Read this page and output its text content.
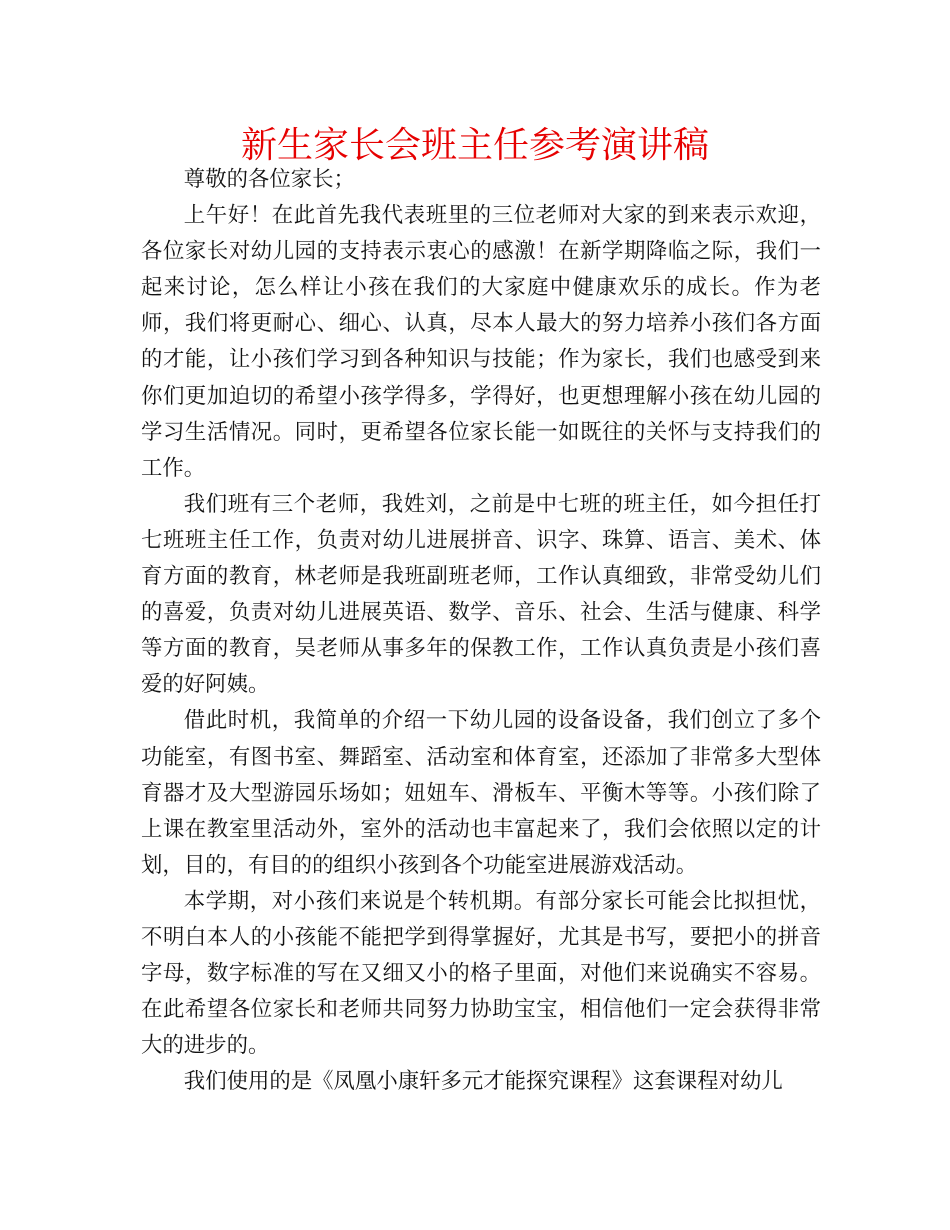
新生家长会班主任参考演讲稿

尊敬的各位家长；

上午好！在此首先我代表班里的三位老师对大家的到来表示欢迎，各位家长对幼儿园的支持表示衷心的感激！在新学期降临之际，我们一起来讨论，怎么样让小孩在我们的大家庭中健康欢乐的成长。作为老师，我们将更耐心、细心、认真，尽本人最大的努力培养小孩们各方面的才能，让小孩们学习到各种知识与技能；作为家长，我们也感受到来你们更加迫切的希望小孩学得多，学得好，也更想理解小孩在幼儿园的学习生活情况。同时，更希望各位家长能一如既往的关怀与支持我们的工作。

我们班有三个老师，我姓刘，之前是中七班的班主任，如今担任打七班班主任工作，负责对幼儿进展拼音、识字、珠算、语言、美术、体育方面的教育，林老师是我班副班老师，工作认真细致，非常受幼儿们的喜爱，负责对幼儿进展英语、数学、音乐、社会、生活与健康、科学等方面的教育，吴老师从事多年的保教工作，工作认真负责是小孩们喜爱的好阿姨。

借此时机，我简单的介绍一下幼儿园的设备设备，我们创立了多个功能室，有图书室、舞蹈室、活动室和体育室，还添加了非常多大型体育器才及大型游园乐场如；妞妞车、滑板车、平衡木等等。小孩们除了上课在教室里活动外，室外的活动也丰富起来了，我们会依照以定的计划，目的，有目的的组织小孩到各个功能室进展游戏活动。

本学期，对小孩们来说是个转机期。有部分家长可能会比拟担忧，不明白本人的小孩能不能把学到得掌握好，尤其是书写，要把小的拼音字母，数字标准的写在又细又小的格子里面，对他们来说确实不容易。在此希望各位家长和老师共同努力协助宝宝，相信他们一定会获得非常大的进步的。

我们使用的是《凤凰小康轩多元才能探究课程》这套课程对幼儿
